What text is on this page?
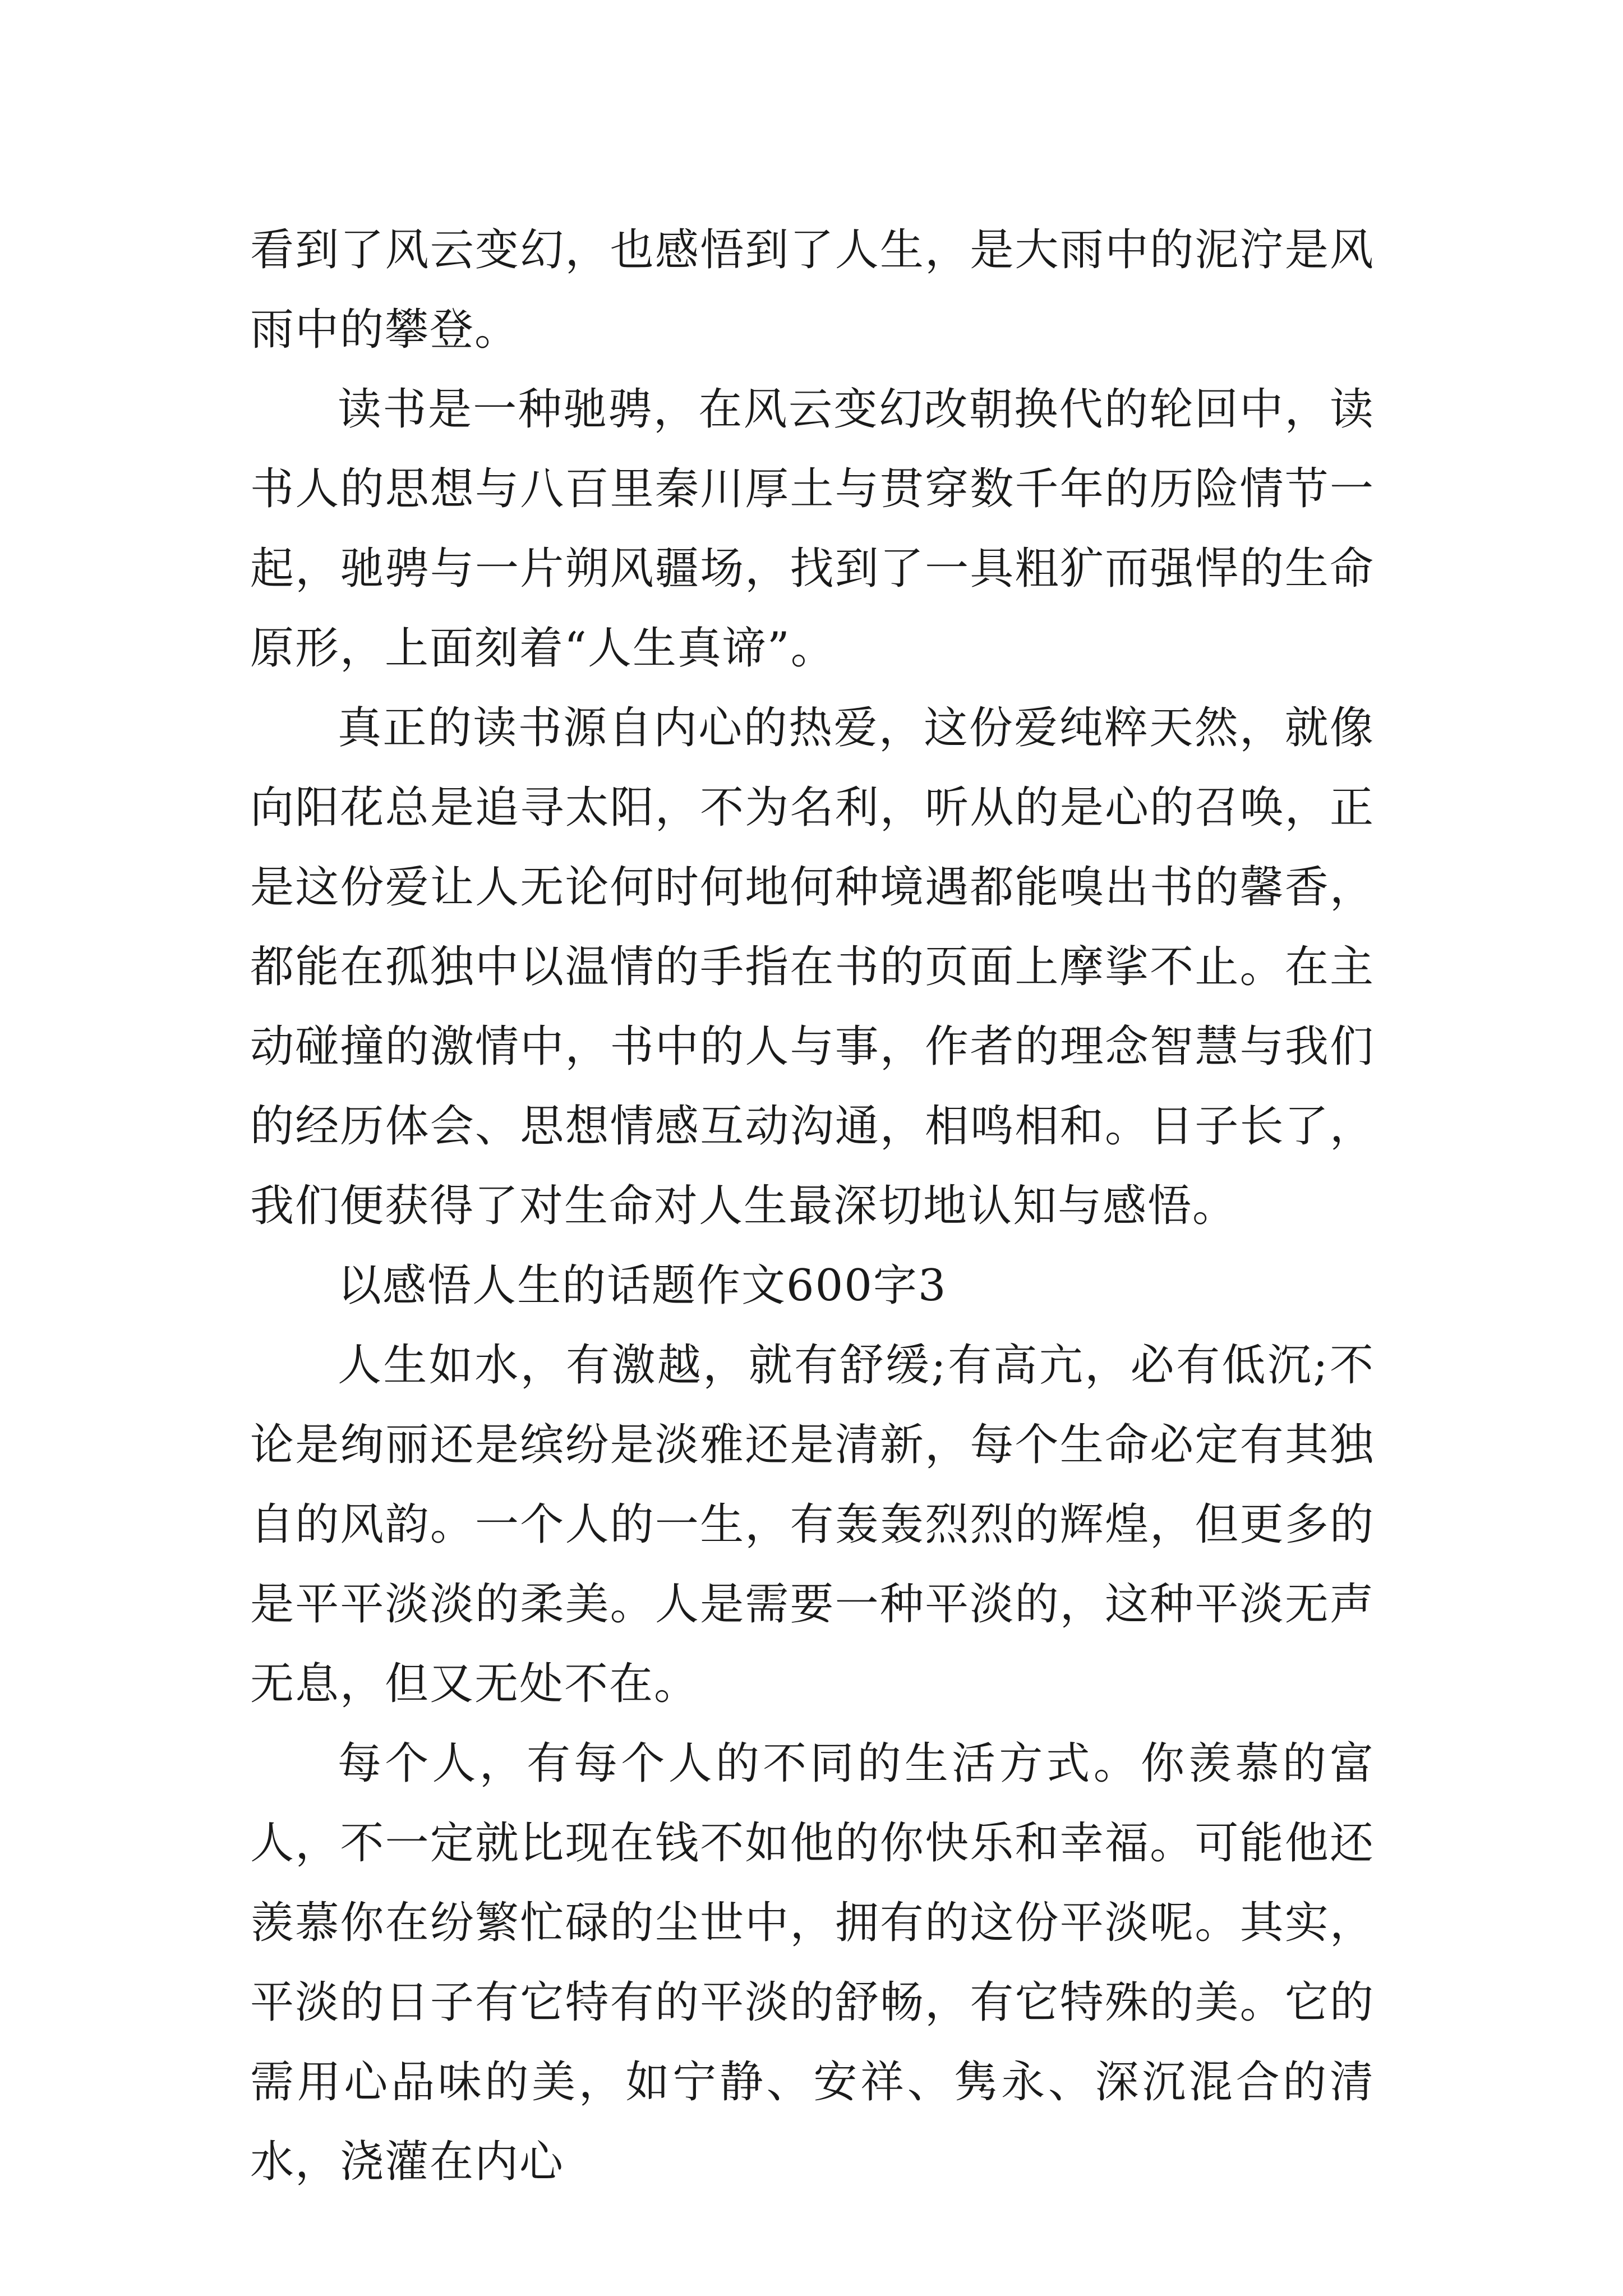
看到了风云变幻，也感悟到了人生，是大雨中的泥泞是风雨中的攀登。

读书是一种驰骋，在风云变幻改朝换代的轮回中，读书人的思想与八百里秦川厚土与贯穿数千年的历险情节一起，驰骋与一片朔风疆场，找到了一具粗犷而强悍的生命原形，上面刻着“人生真谛”。

真正的读书源自内心的热爱，这份爱纯粹天然，就像向阳花总是追寻太阳，不为名利，听从的是心的召唤，正是这份爱让人无论何时何地何种境遇都能嗅出书的馨香，都能在孤独中以温情的手指在书的页面上摩挲不止。在主动碰撞的激情中，书中的人与事，作者的理念智慧与我们的经历体会、思想情感互动沟通，相鸣相和。日子长了，我们便获得了对生命对人生最深切地认知与感悟。

以感悟人生的话题作文600字3

人生如水，有激越，就有舒缓;有高亢，必有低沉;不论是绚丽还是缤纷是淡雅还是清新，每个生命必定有其独自的风韵。一个人的一生，有轰轰烈烈的辉煌，但更多的是平平淡淡的柔美。人是需要一种平淡的，这种平淡无声无息，但又无处不在。

每个人，有每个人的不同的生活方式。你羡慕的富人，不一定就比现在钱不如他的你快乐和幸福。可能他还羡慕你在纷繁忙碌的尘世中，拥有的这份平淡呢。其实，平淡的日子有它特有的平淡的舒畅，有它特殊的美。它的需用心品味的美，如宁静、安祥、隽永、深沉混合的清水，浇灌在内心
